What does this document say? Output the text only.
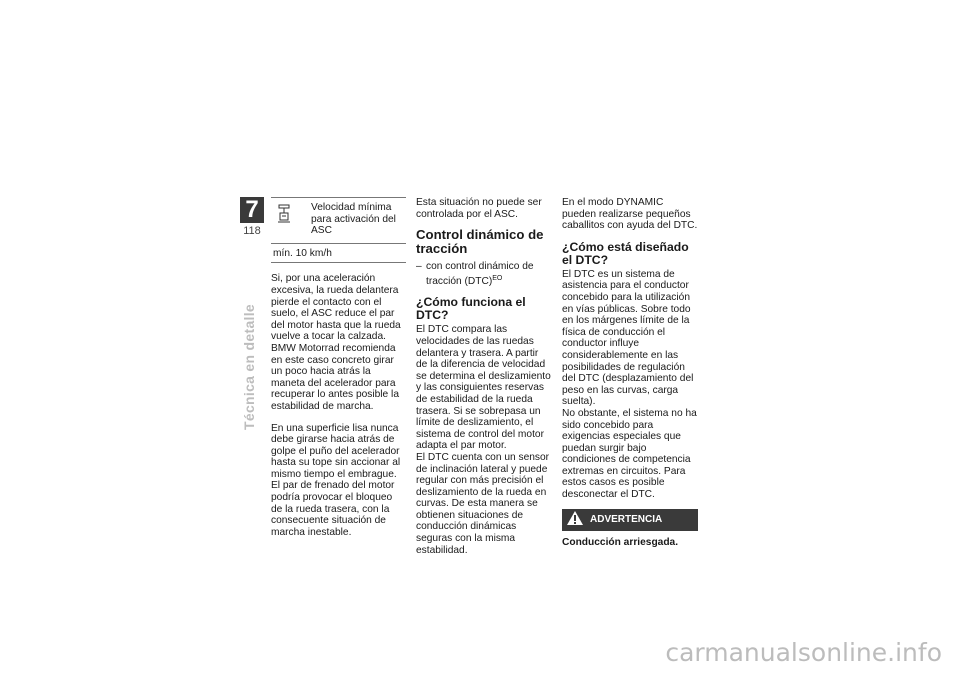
7
118
Técnica en detalle
Velocidad mínima para activación del ASC
mín. 10 km/h

Si, por una aceleración excesiva, la rueda delantera pierde el contacto con el suelo, el ASC reduce el par del motor hasta que la rueda vuelve a tocar la calzada. BMW Motorrad recomienda en este caso concreto girar un poco hacia atrás la maneta del acelerador para recuperar lo antes posible la estabilidad de marcha.

En una superficie lisa nunca debe girarse hacia atrás de golpe el puño del acelerador hasta su tope sin accionar al mismo tiempo el embrague. El par de frenado del motor podría provocar el bloqueo de la rueda trasera, con la consecuente situación de marcha inestable.

Esta situación no puede ser controlada por el ASC.

Control dinámico de tracción
– con control dinámico de tracción (DTC)$^{EO}$
¿Cómo funciona el DTC?

El DTC compara las velocidades de las ruedas delantera y trasera. A partir de la diferencia de velocidad se determina el deslizamiento y las consiguientes reservas de estabilidad de la rueda trasera. Si se sobrepasa un límite de deslizamiento, el sistema de control del motor adapta el par motor.

El DTC cuenta con un sensor de inclinación lateral y puede regular con más precisión el deslizamiento de la rueda en curvas. De esta manera se obtienen situaciones de conducción dinámicas seguras con la misma estabilidad.

En el modo DYNAMIC pueden realizarse pequeños caballitos con ayuda del DTC.

¿Cómo está diseñado el DTC?

El DTC es un sistema de asistencia para el conductor concebido para la utilización en vías públicas. Sobre todo en los márgenes límite de la física de conducción el conductor influye considerablemente en las posibilidades de regulación del DTC (desplazamiento del peso en las curvas, carga suelta).

No obstante, el sistema no ha sido concebido para exigencias especiales que puedan surgir bajo condiciones de competencia extremas en circuitos. Para estos casos es posible desconectar el DTC.

ADVERTENCIA
Conducción arriesgada.
carmanualsonline.info
